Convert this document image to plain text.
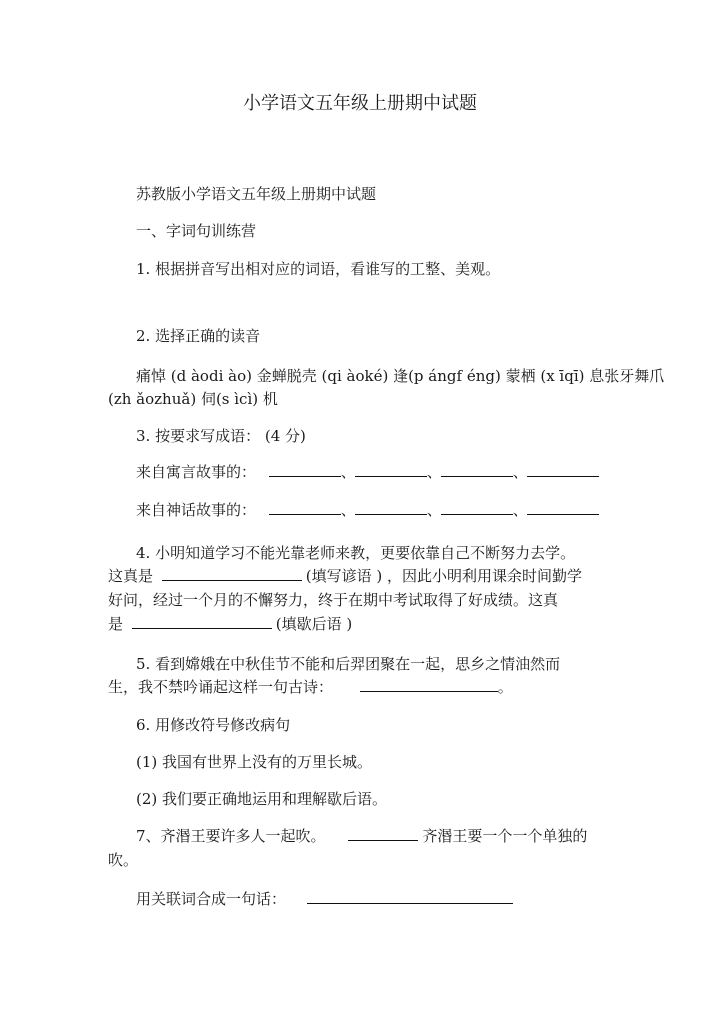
小学语文五年级上册期中试题
苏教版小学语文五年级上册期中试题
一、字词句训练营
1. 根据拼音写出相对应的词语，看谁写的工整、美观。
2. 选择正确的读音
痛悼 (d àodi ào) 金蝉脱壳 (qi àoké) 逢(p ángf éng) 蒙栖 (x īqī) 息张牙舞爪
(zh ǎozhuǎ) 伺(s ìcì) 机
3. 按要求写成语： (4 分)
来自寓言故事的：	、	、	、
来自神话故事的：	、	、	、
4. 小明知道学习不能光靠老师来教，更要依靠自己不断努力去学。
这真是	(填写谚语 ) ，因此小明利用课余时间勤学
好问，经过一个月的不懈努力，终于在期中考试取得了好成绩。这真
是	(填歇后语 )
5. 看到嫦娥在中秋佳节不能和后羿团聚在一起，思乡之情油然而
生，我不禁吟诵起这样一句古诗：	。
6. 用修改符号修改病句
(1) 我国有世界上没有的万里长城。
(2) 我们要正确地运用和理解歇后语。
7、齐湣王要许多人一起吹。	齐湣王要一个一个单独的
吹。
用关联词合成一句话：
